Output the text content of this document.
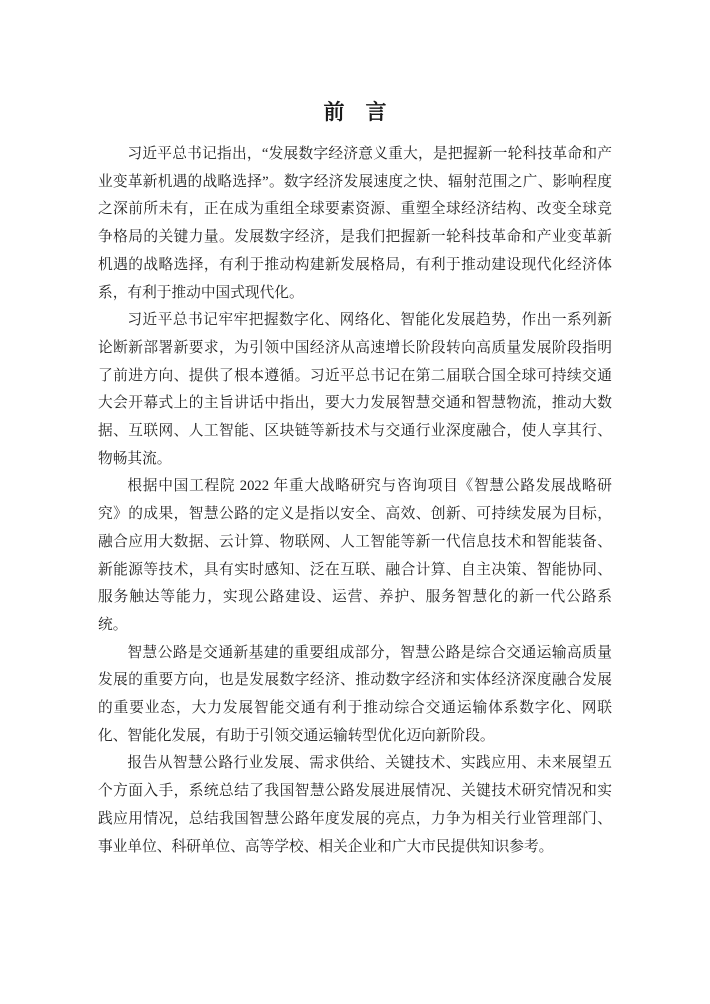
前　言

习近平总书记指出，“发展数字经济意义重大，是把握新一轮科技革命和产业变革新机遇的战略选择”。数字经济发展速度之快、辐射范围之广、影响程度之深前所未有，正在成为重组全球要素资源、重塑全球经济结构、改变全球竞争格局的关键力量。发展数字经济，是我们把握新一轮科技革命和产业变革新机遇的战略选择，有利于推动构建新发展格局，有利于推动建设现代化经济体系，有利于推动中国式现代化。

习近平总书记牢牢把握数字化、网络化、智能化发展趋势，作出一系列新论断新部署新要求，为引领中国经济从高速增长阶段转向高质量发展阶段指明了前进方向、提供了根本遵循。习近平总书记在第二届联合国全球可持续交通大会开幕式上的主旨讲话中指出，要大力发展智慧交通和智慧物流，推动大数据、互联网、人工智能、区块链等新技术与交通行业深度融合，使人享其行、物畅其流。

根据中国工程院 2022 年重大战略研究与咨询项目《智慧公路发展战略研究》的成果，智慧公路的定义是指以安全、高效、创新、可持续发展为目标，融合应用大数据、云计算、物联网、人工智能等新一代信息技术和智能装备、新能源等技术，具有实时感知、泛在互联、融合计算、自主决策、智能协同、服务触达等能力，实现公路建设、运营、养护、服务智慧化的新一代公路系统。

智慧公路是交通新基建的重要组成部分，智慧公路是综合交通运输高质量发展的重要方向，也是发展数字经济、推动数字经济和实体经济深度融合发展的重要业态，大力发展智能交通有利于推动综合交通运输体系数字化、网联化、智能化发展，有助于引领交通运输转型优化迈向新阶段。

报告从智慧公路行业发展、需求供给、关键技术、实践应用、未来展望五个方面入手，系统总结了我国智慧公路发展进展情况、关键技术研究情况和实践应用情况，总结我国智慧公路年度发展的亮点，力争为相关行业管理部门、事业单位、科研单位、高等学校、相关企业和广大市民提供知识参考。
